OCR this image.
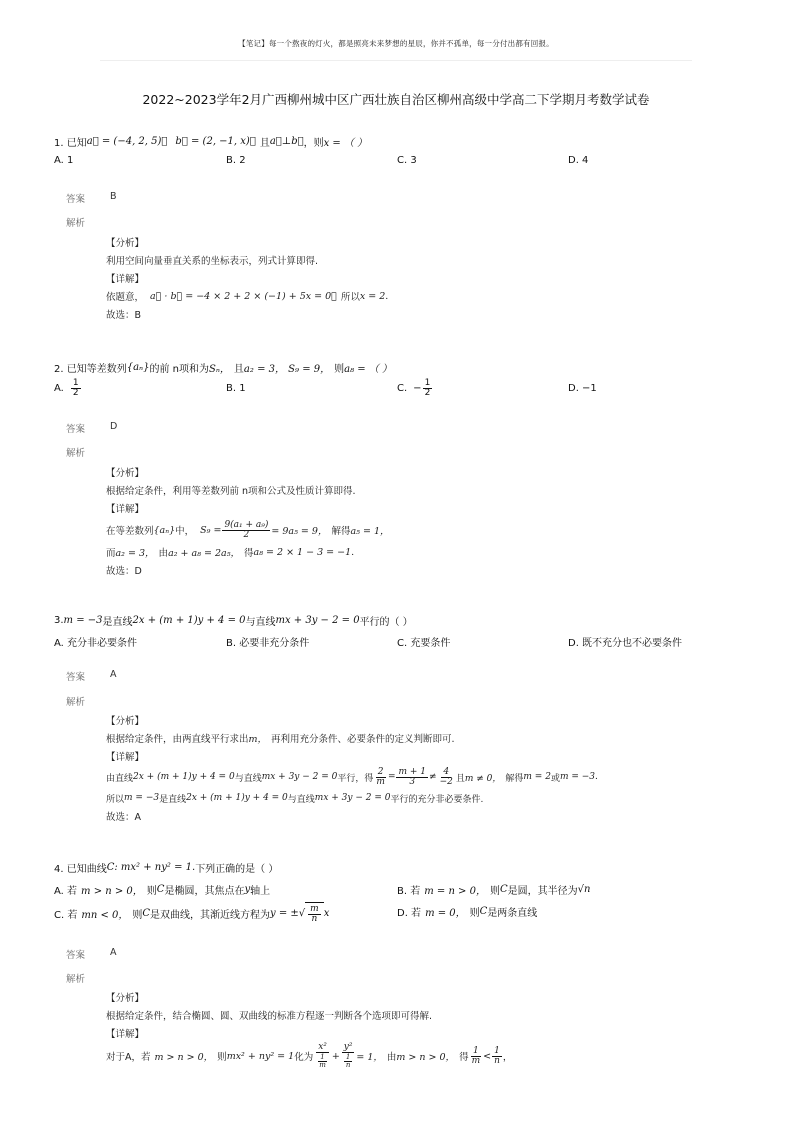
【笔记】每一个熬夜的灯火，都是照亮未来梦想的星辰，你并不孤单，每一分付出都有回报。
2022~2023学年2月广西柳州城中区广西壮族自治区柳州高级中学高二下学期月考数学试卷
1. 已知 a⃗ = (−4, 2, 5)， b⃗ = (2, −1, x)， 且 a⃗⊥b⃗ ，则 x = （ ）
A. 1	B. 2	C. 3	D. 4
答案	B
解析
【分析】
利用空间向量垂直关系的坐标表示，列式计算即得.
【详解】
依题意， a⃗ · b⃗ = −4 × 2 + 2 × (−1) + 5x = 0， 所以 x = 2.
故选：B
2. 已知等差数列 {aₙ} 的前 n项和为 Sₙ， 且 a₂ = 3， S₉ = 9， 则 a₈ = （ ）
A. $\frac{1}{2}$	B. 1	C. − $\frac{1}{2}$	D. −1
答案	D
解析
【分析】
根据给定条件，利用等差数列前 n项和公式及性质计算即得.
【详解】
在等差数列 {aₙ} 中， $S_9 = \frac{\text{9(a₁ + a₉)}}{2} = 9a_5 = 9$， 解得 a₅ = 1，
而 a₂ = 3， 由 a₂ + a₈ = 2a₅， 得 a₈ = 2 × 1 − 3 = −1.
故选：D
3. m = −3 是直线 2x + (m + 1)y + 4 = 0 与直线 mx + 3y − 2 = 0 平行的（ ）
A. 充分非必要条件	B. 必要非充分条件	C. 充要条件	D. 既不充分也不必要条件
答案	A
解析
【分析】
根据给定条件，由两直线平行求出 m， 再利用充分条件、必要条件的定义判断即可.
【详解】
由直线 2x + (m + 1)y + 4 = 0 与直线 mx + 3y − 2 = 0 平行，得 $\frac{2}{m} = \frac{m + 1}{3} \ne \frac{4}{-2}$ 且 m ≠ 0， 解得 m = 2 或 m = −3.
所以 m = −3 是直线 2x + (m + 1)y + 4 = 0 与直线 mx + 3y − 2 = 0 平行的充分非必要条件.
故选：A
4. 已知曲线 C: mx² + ny² = 1. 下列正确的是（ ）
A. 若 m > n > 0， 则 C 是椭圆，其焦点在 y 轴上	B. 若 m = n > 0， 则 C 是圆，其半径为 √n
C. 若 mn < 0， 则 C 是双曲线，其渐近线方程为 y = ± √ $\frac{m}{n}$ x	D. 若 m = 0， 则 C 是两条直线
答案	A
解析
【分析】
根据给定条件，结合椭圆、圆、双曲线的标准方程逐一判断各个选项即可得解.
【详解】
对于A，若 m > n > 0， 则 mx² + ny² = 1 化为 $\frac{\text{x²}}{\frac{1}{m}} + \frac{\text{y²}}{\frac{1}{n}} = 1$， 由 m > n > 0， 得 $\frac{1}{m} < \frac{1}{n}$ ，
